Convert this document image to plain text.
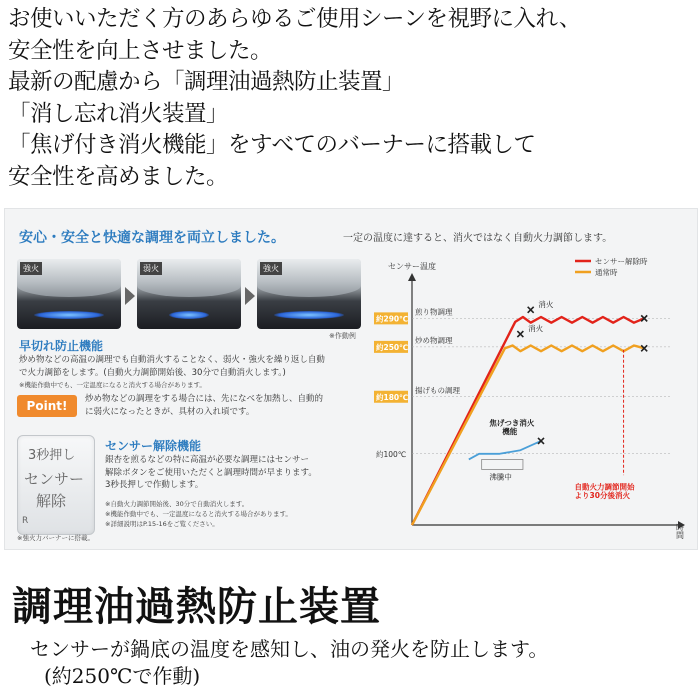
お使いいただく方のあらゆるご使用シーンを視野に入れ、
安全性を向上させました。
最新の配慮から「調理油過熱防止装置」
「消し忘れ消火装置」
「焦げ付き消火機能」をすべてのバーナーに搭載して
安全性を高めました。
安心・安全と快適な調理を両立しました。	一定の温度に達すると、消火ではなく自動火力調節します。
強火	弱火	強火
※作動例
早切れ防止機能
炒め物などの高温の調理でも自動消火することなく、弱火・強火を繰り返し自動
で火力調節をします。(自動火力調節開始後、30分で自動消火します。)
※機能作動中でも、一定温度になると消火する場合があります。
Point!	炒め物などの調理をする場合には、先になべを加熱し、自動的
に弱火になったときが、具材の入れ頃です。
3秒押し
センサー
解除
R
※強火力バーナーに搭載。
センサー解除機能
銀杏を煎るなどの特に高温が必要な調理にはセンサー
解除ボタンをご使用いただくと調理時間が早まります。
3秒長押しで作動します。
※自動火力調節開始後、30分で自動消火します。
※機能作動中でも、一定温度になると消火する場合があります。
※詳細説明はP.15-16をご覧ください。
センサー温度
時間
約290℃
約250℃
約180℃
約100℃
煎り物調理
炒め物調理
揚げもの調理
センサー解除時
通常時
消火
消火
焦げつき消火
機能
沸騰中
自動火力調節開始
より30分後消火
調理油過熱防止装置
センサーが鍋底の温度を感知し、油の発火を防止します。
(約250℃で作動)
